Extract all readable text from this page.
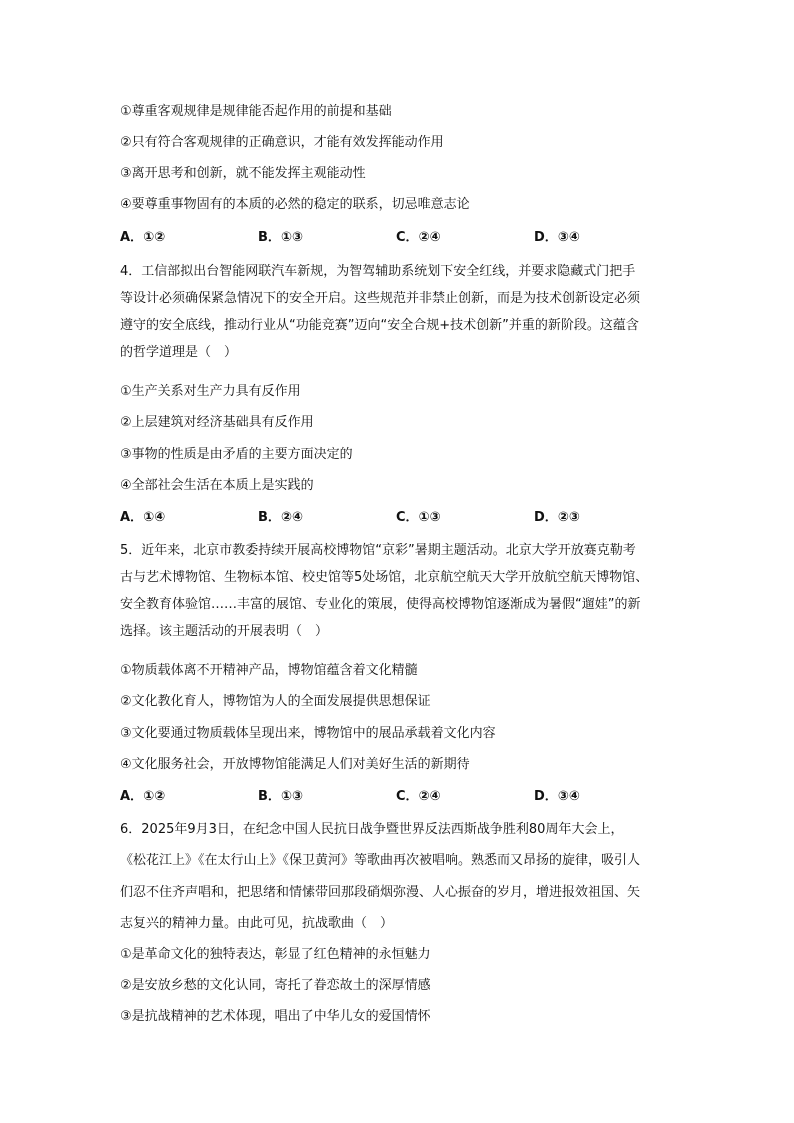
①尊重客观规律是规律能否起作用的前提和基础
②只有符合客观规律的正确意识，才能有效发挥能动作用
③离开思考和创新，就不能发挥主观能动性
④要尊重事物固有的本质的必然的稳定的联系，切忌唯意志论
A．①②	B．①③	C．②④	D．③④
4．工信部拟出台智能网联汽车新规，为智驾辅助系统划下安全红线，并要求隐藏式门把手
等设计必须确保紧急情况下的安全开启。这些规范并非禁止创新，而是为技术创新设定必须
遵守的安全底线，推动行业从“功能竞赛”迈向“安全合规+技术创新”并重的新阶段。这蕴含
的哲学道理是（　）
①生产关系对生产力具有反作用
②上层建筑对经济基础具有反作用
③事物的性质是由矛盾的主要方面决定的
④全部社会生活在本质上是实践的
A．①④	B．②④	C．①③	D．②③
5．近年来，北京市教委持续开展高校博物馆“京彩”暑期主题活动。北京大学开放赛克勒考
古与艺术博物馆、生物标本馆、校史馆等5处场馆，北京航空航天大学开放航空航天博物馆、
安全教育体验馆……丰富的展馆、专业化的策展，使得高校博物馆逐渐成为暑假“遛娃”的新
选择。该主题活动的开展表明（　）
①物质载体离不开精神产品，博物馆蕴含着文化精髓
②文化教化育人，博物馆为人的全面发展提供思想保证
③文化要通过物质载体呈现出来，博物馆中的展品承载着文化内容
④文化服务社会，开放博物馆能满足人们对美好生活的新期待
A．①②	B．①③	C．②④	D．③④
6．2025年9月3日，在纪念中国人民抗日战争暨世界反法西斯战争胜利80周年大会上，
《松花江上》《在太行山上》《保卫黄河》等歌曲再次被唱响。熟悉而又昂扬的旋律，吸引人
们忍不住齐声唱和，把思绪和情愫带回那段硝烟弥漫、人心振奋的岁月，增进报效祖国、矢
志复兴的精神力量。由此可见，抗战歌曲（　）
①是革命文化的独特表达，彰显了红色精神的永恒魅力
②是安放乡愁的文化认同，寄托了眷恋故土的深厚情感
③是抗战精神的艺术体现，唱出了中华儿女的爱国情怀
